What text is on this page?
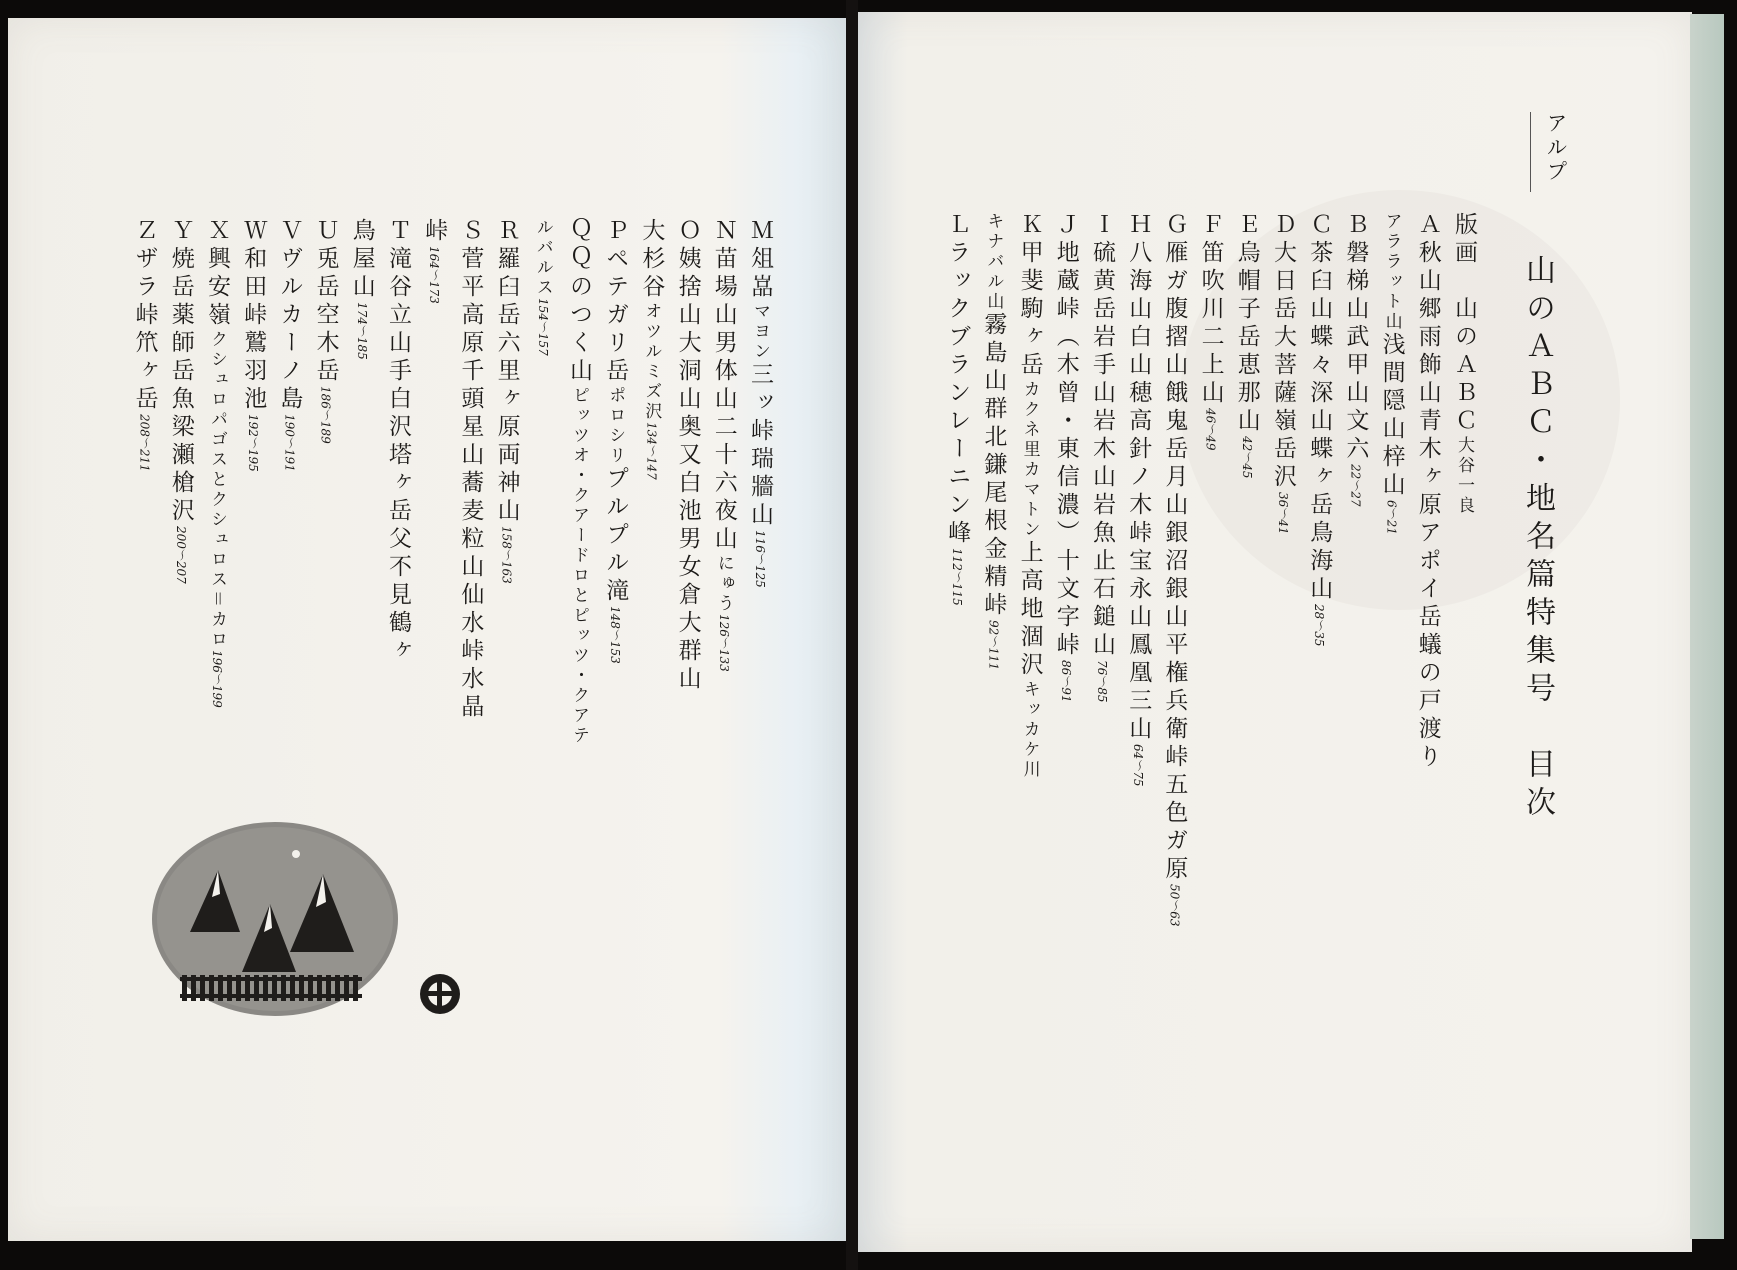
アルプ
山のＡＢＣ・地名篇特集号　目次
版画　山のＡＢＣ大谷一良
Ａ秋山郷雨飾山青木ヶ原アポイ岳蟻の戸渡り
アララット山浅間隠山梓山6〜21
Ｂ磐梯山武甲山文六22〜27
Ｃ茶臼山蝶々深山蝶ヶ岳鳥海山28〜35
Ｄ大日岳大菩薩嶺岳沢36〜41
Ｅ烏帽子岳恵那山42〜45
Ｆ笛吹川二上山46〜49
Ｇ雁ガ腹摺山餓鬼岳月山銀沼銀山平権兵衛峠五色ガ原50〜63
Ｈ八海山白山穂高針ノ木峠宝永山鳳凰三山64〜75
Ｉ硫黄岳岩手山岩木山岩魚止石鎚山76〜85
Ｊ地蔵峠（木曾・東信濃）十文字峠86〜91
Ｋ甲斐駒ヶ岳カクネ里カマトン上高地涸沢キッカケ川
キナバル山霧島山群北鎌尾根金精峠92〜111
Ｌラックブランレーニン峰112〜115
Ｍ俎嵓マヨン三ッ峠瑞牆山116〜125
Ｎ苗場山男体山二十六夜山にゅう126〜133
Ｏ姨捨山大洞山奥又白池男女倉大群山
大杉谷オツルミズ沢134〜147
Ｐペテガリ岳ポロシリプルプル滝148〜153
ＱＱのつく山ピッツオ・クアードロとピッツ・クアテ
ルバルス154〜157
Ｒ羅臼岳六里ヶ原両神山158〜163
Ｓ菅平高原千頭星山蕎麦粒山仙水峠水晶
峠164〜173
Ｔ滝谷立山手白沢塔ヶ岳父不見鶴ヶ
鳥屋山174〜185
Ｕ兎岳空木岳186〜189
Ｖヴルカーノ島190〜191
Ｗ和田峠鷲羽池192〜195
Ｘ興安嶺クシュロパゴスとクシュロス＝カロ196〜199
Ｙ焼岳薬師岳魚梁瀬槍沢200〜207
Ｚザラ峠笊ヶ岳208〜211
